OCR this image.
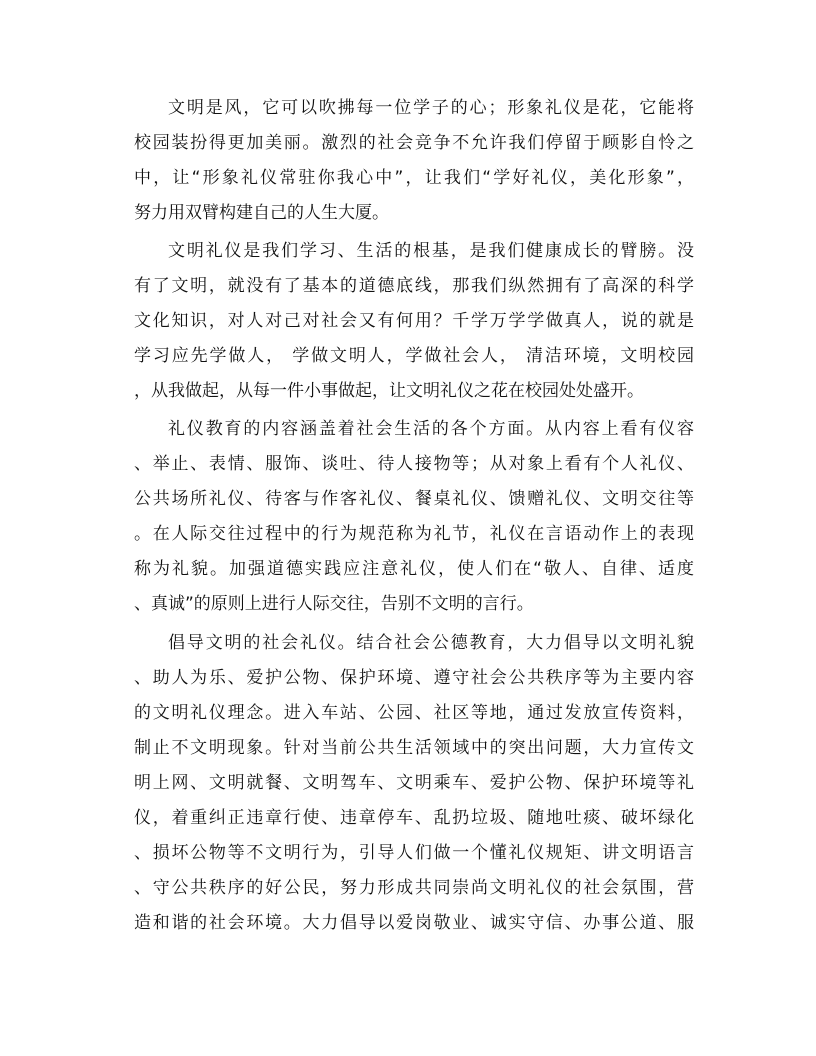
文明是风，它可以吹拂每一位学子的心；形象礼仪是花，它能将
校园装扮得更加美丽。激烈的社会竞争不允许我们停留于顾影自怜之
中，让“形象礼仪常驻你我心中”，让我们“学好礼仪，美化形象”，
努力用双臂构建自己的人生大厦。
文明礼仪是我们学习、生活的根基，是我们健康成长的臂膀。没
有了文明，就没有了基本的道德底线，那我们纵然拥有了高深的科学
文化知识，对人对己对社会又有何用？千学万学学做真人，说的就是
学习应先学做人， 学做文明人，学做社会人， 清洁环境，文明校园
，从我做起，从每一件小事做起，让文明礼仪之花在校园处处盛开。
礼仪教育的内容涵盖着社会生活的各个方面。从内容上看有仪容
、举止、表情、服饰、谈吐、待人接物等；从对象上看有个人礼仪、
公共场所礼仪、待客与作客礼仪、餐桌礼仪、馈赠礼仪、文明交往等
。在人际交往过程中的行为规范称为礼节，礼仪在言语动作上的表现
称为礼貌。加强道德实践应注意礼仪，使人们在“敬人、自律、适度
、真诚”的原则上进行人际交往，告别不文明的言行。
倡导文明的社会礼仪。结合社会公德教育，大力倡导以文明礼貌
、助人为乐、爱护公物、保护环境、遵守社会公共秩序等为主要内容
的文明礼仪理念。进入车站、公园、社区等地，通过发放宣传资料，
制止不文明现象。针对当前公共生活领域中的突出问题，大力宣传文
明上网、文明就餐、文明驾车、文明乘车、爱护公物、保护环境等礼
仪，着重纠正违章行使、违章停车、乱扔垃圾、随地吐痰、破坏绿化
、损坏公物等不文明行为，引导人们做一个懂礼仪规矩、讲文明语言
、守公共秩序的好公民，努力形成共同崇尚文明礼仪的社会氛围，营
造和谐的社会环境。大力倡导以爱岗敬业、诚实守信、办事公道、服
